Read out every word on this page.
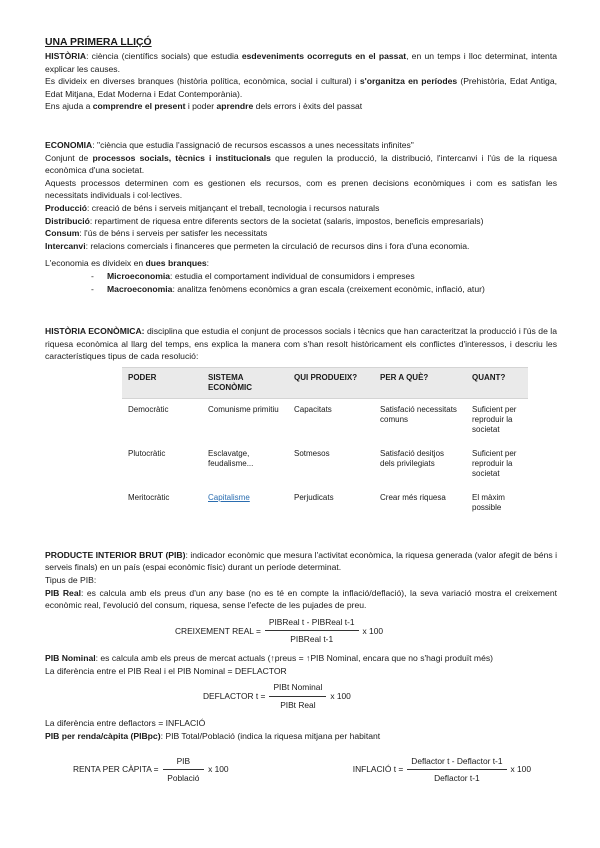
UNA PRIMERA LLIÇÓ

HISTÒRIA: ciència (científics socials) que estudia esdeveniments ocorreguts en el passat, en un temps i lloc determinat, intenta explicar les causes.

Es divideix en diverses branques (història política, econòmica, social i cultural) i s'organitza en períodes (Prehistòria, Edat Antiga, Edat Mitjana, Edat Moderna i Edat Contemporània).

Ens ajuda a comprendre el present i poder aprendre dels errors i èxits del passat

ECONOMIA: "ciència que estudia l'assignació de recursos escassos a unes necessitats infinites"

Conjunt de processos socials, tècnics i institucionals que regulen la producció, la distribució, l'intercanvi i l'ús de la riquesa econòmica d'una societat.

Aquests processos determinen com es gestionen els recursos, com es prenen decisions econòmiques i com es satisfan les necessitats individuals i col·lectives.

Producció: creació de béns i serveis mitjançant el treball, tecnologia i recursos naturals

Distribució: repartiment de riquesa entre diferents sectors de la societat (salaris, impostos, beneficis empresarials)

Consum: l'ús de béns i serveis per satisfer les necessitats

Intercanvi: relacions comercials i financeres que permeten la circulació de recursos dins i fora d'una economia.

L'economia es divideix en dues branques:

- Microeconomia: estudia el comportament individual de consumidors i empreses
- Macroeconomia: analitza fenòmens econòmics a gran escala (creixement econòmic, inflació, atur)

HISTÒRIA ECONÒMICA: disciplina que estudia el conjunt de processos socials i tècnics que han caracteritzat la producció i l'ús de la riquesa econòmica al llarg del temps, ens explica la manera com s'han resolt històricament els conflictes d'interessos, i descriu les característiques tipus de cada resolució:

PODER	SISTEMA ECONÒMIC	QUI PRODUEIX?	PER A QUÈ?	QUANT?
Democràtic	Comunisme primitiu	Capacitats	Satisfació necessitats comuns	Suficient per reproduir la societat
Plutocràtic	Esclavatge, feudalisme...	Sotmesos	Satisfació desitjos dels privilegiats	Suficient per reproduir la societat
Meritocràtic	Capitalisme	Perjudicats	Crear més riquesa	El màxim possible

PRODUCTE INTERIOR BRUT (PIB): indicador econòmic que mesura l'activitat econòmica, la riquesa generada (valor afegit de béns i serveis finals) en un país (espai econòmic físic) durant un període determinat.

Tipus de PIB:

PIB Real: es calcula amb els preus d'un any base (no es té en compte la inflació/deflació), la seva variació mostra el creixement econòmic real, l'evolució del consum, riquesa, sense l'efecte de les pujades de preu.

CREIXEMENT REAL = $\frac{\text{PIBReal t - PIBReal t-1}}{\text{PIBReal t-1}}$ x 100

PIB Nominal: es calcula amb els preus de mercat actuals (↑preus = ↑PIB Nominal, encara que no s'hagi produït més)

La diferència entre el PIB Real i el PIB Nominal = DEFLACTOR

DEFLACTOR $t = \frac{\text{PIBt Nominal}}{\text{PIBt Real}}$ x 100

La diferència entre deflactors = INFLACIÓ

PIB per renda/càpita (PIBpc): PIB Total/Població (indica la riquesa mitjana per habitant

RENTA PER CÀPITA = $\frac{\text{PIB}}{\text{Població}}$ x 100	INFLACIÓ $t = \frac{\text{Deflactor t - Deflactor t-1}}{\text{Deflactor t-1}}$ x 100
